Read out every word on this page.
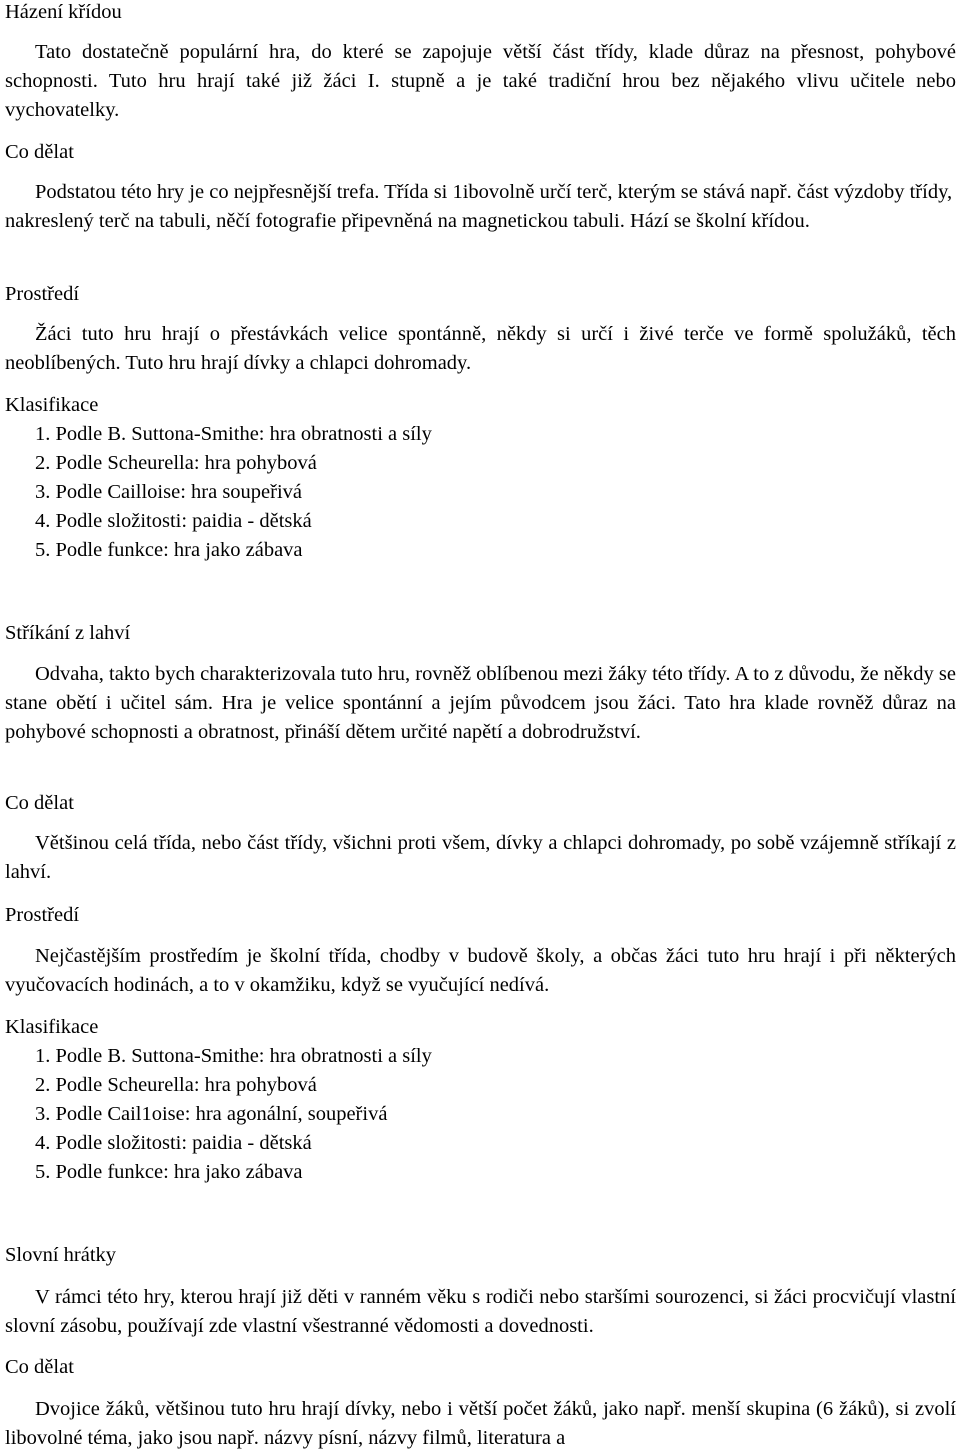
Házení křídou

Tato dostatečně populární hra, do které se zapojuje větší část třídy, klade důraz na přesnost, pohybové schopnosti. Tuto hru hrají také již žáci I. stupně a je také tradiční hrou bez nějakého vlivu učitele nebo vychovatelky.

Co dělat

Podstatou této hry je co nejpřesnější trefa. Třída si 1ibovolně určí terč, kterým se stává např. část výzdoby třídy, nakreslený terč na tabuli, něčí fotografie připevněná na magnetickou tabuli. Hází se školní křídou.

Prostředí

Žáci tuto hru hrají o přestávkách velice spontánně, někdy si určí i živé terče ve formě spolužáků, těch neoblíbených. Tuto hru hrají dívky a chlapci dohromady.

Klasifikace
1. Podle B. Suttona-Smithe: hra obratnosti a síly
2. Podle Scheurella: hra pohybová
3. Podle Cailloise: hra soupeřivá
4. Podle složitosti: paidia - dětská
5. Podle funkce: hra jako zábava
Stříkání z lahví

Odvaha, takto bych charakterizovala tuto hru, rovněž oblíbenou mezi žáky této třídy. A to z důvodu, že někdy se stane obětí i učitel sám. Hra je velice spontánní a jejím původcem jsou žáci. Tato hra klade rovněž důraz na pohybové schopnosti a obratnost, přináší dětem určité napětí a dobrodružství.

Co dělat

Většinou celá třída, nebo část třídy, všichni proti všem, dívky a chlapci dohromady, po sobě vzájemně stříkají z lahví.

Prostředí

Nejčastějším prostředím je školní třída, chodby v budově školy, a občas žáci tuto hru hrají i při některých vyučovacích hodinách, a to v okamžiku, když se vyučující nedívá.

Klasifikace
1. Podle B. Suttona-Smithe: hra obratnosti a síly
2. Podle Scheurella: hra pohybová
3. Podle Cail1oise: hra agonální, soupeřivá
4. Podle složitosti: paidia - dětská
5. Podle funkce: hra jako zábava
Slovní hrátky

V rámci této hry, kterou hrají již děti v ranném věku s rodiči nebo staršími sourozenci, si žáci procvičují vlastní slovní zásobu, používají zde vlastní všestranné vědomosti a dovednosti.

Co dělat

Dvojice žáků, většinou tuto hru hrají dívky, nebo i větší počet žáků, jako např. menší skupina (6 žáků), si zvolí libovolné téma, jako jsou např. názvy písní, názvy filmů, literatura a
